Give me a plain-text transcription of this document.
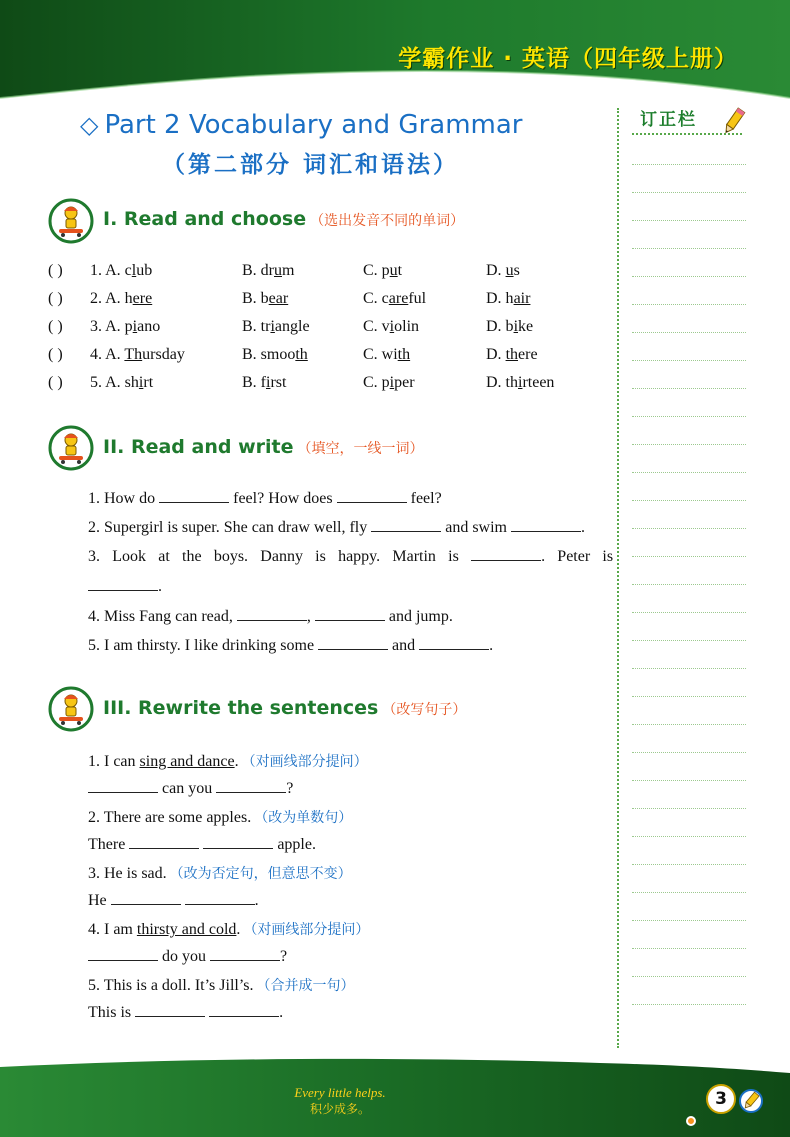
学霸作业 · 英语（四年级上册）
◇ Part 2 Vocabulary and Grammar
（第二部分 词汇和语法）
订正栏
I. Read and choose （选出发音不同的单词）
( ) 1. A. club	B. drum	C. put	D. us
( ) 2. A. here	B. bear	C. careful	D. hair
( ) 3. A. piano	B. triangle	C. violin	D. bike
( ) 4. A. Thursday	B. smooth	C. with	D. there
( ) 5. A. shirt	B. first	C. piper	D. thirteen
II. Read and write （填空，一线一词）
1. How do	feel? How does	feel?
2. Supergirl is super. She can draw well, fly	and swim	.
3. Look at the boys. Danny is happy. Martin is	. Peter is
.
4. Miss Fang can read,	,	and jump.
5. I am thirsty. I like drinking some	and	.
III. Rewrite the sentences （改写句子）
1. I can sing and dance. （对画线部分提问）
can you	?
2. There are some apples. （改为单数句）
There	apple.
3. He is sad. （改为否定句，但意思不变）
He	.
4. I am thirsty and cold. （对画线部分提问）
do you	?
5. This is a doll. It’s Jill’s. （合并成一句）
This is	.
Every little helps.
积少成多。	3
